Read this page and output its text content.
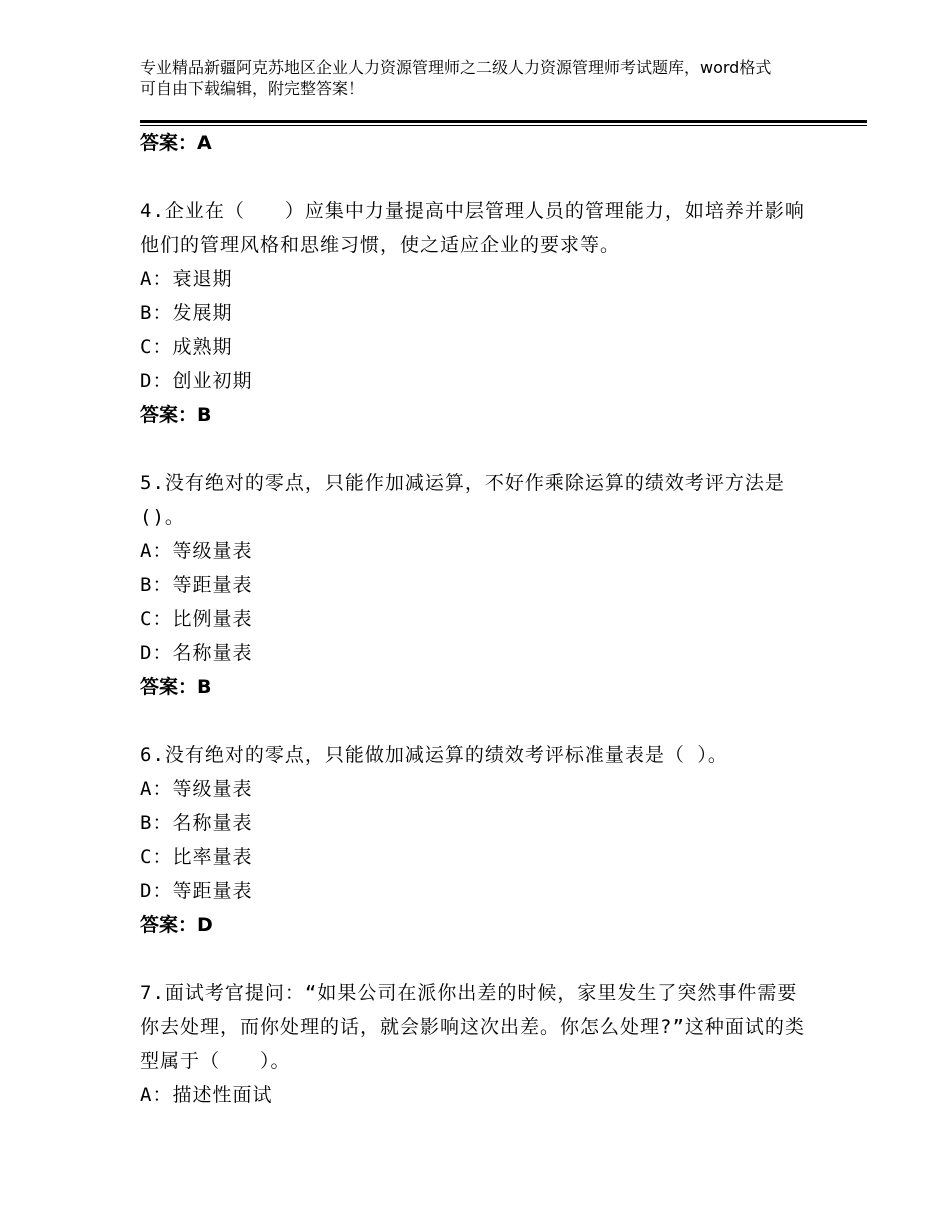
专业精品新疆阿克苏地区企业人力资源管理师之二级人力资源管理师考试题库，word格式可自由下载编辑，附完整答案！
答案：A
4.企业在（　　）应集中力量提高中层管理人员的管理能力，如培养并影响他们的管理风格和思维习惯，使之适应企业的要求等。
A：衰退期
B：发展期
C：成熟期
D：创业初期
答案：B
5.没有绝对的零点，只能作加减运算，不好作乘除运算的绩效考评方法是()。
A：等级量表
B：等距量表
C：比例量表
D：名称量表
答案：B
6.没有绝对的零点，只能做加减运算的绩效考评标准量表是（ ）。
A：等级量表
B：名称量表
C：比率量表
D：等距量表
答案：D
7.面试考官提问：“如果公司在派你出差的时候，家里发生了突然事件需要你去处理，而你处理的话，就会影响这次出差。你怎么处理?”这种面试的类型属于（　　）。
A：描述性面试
